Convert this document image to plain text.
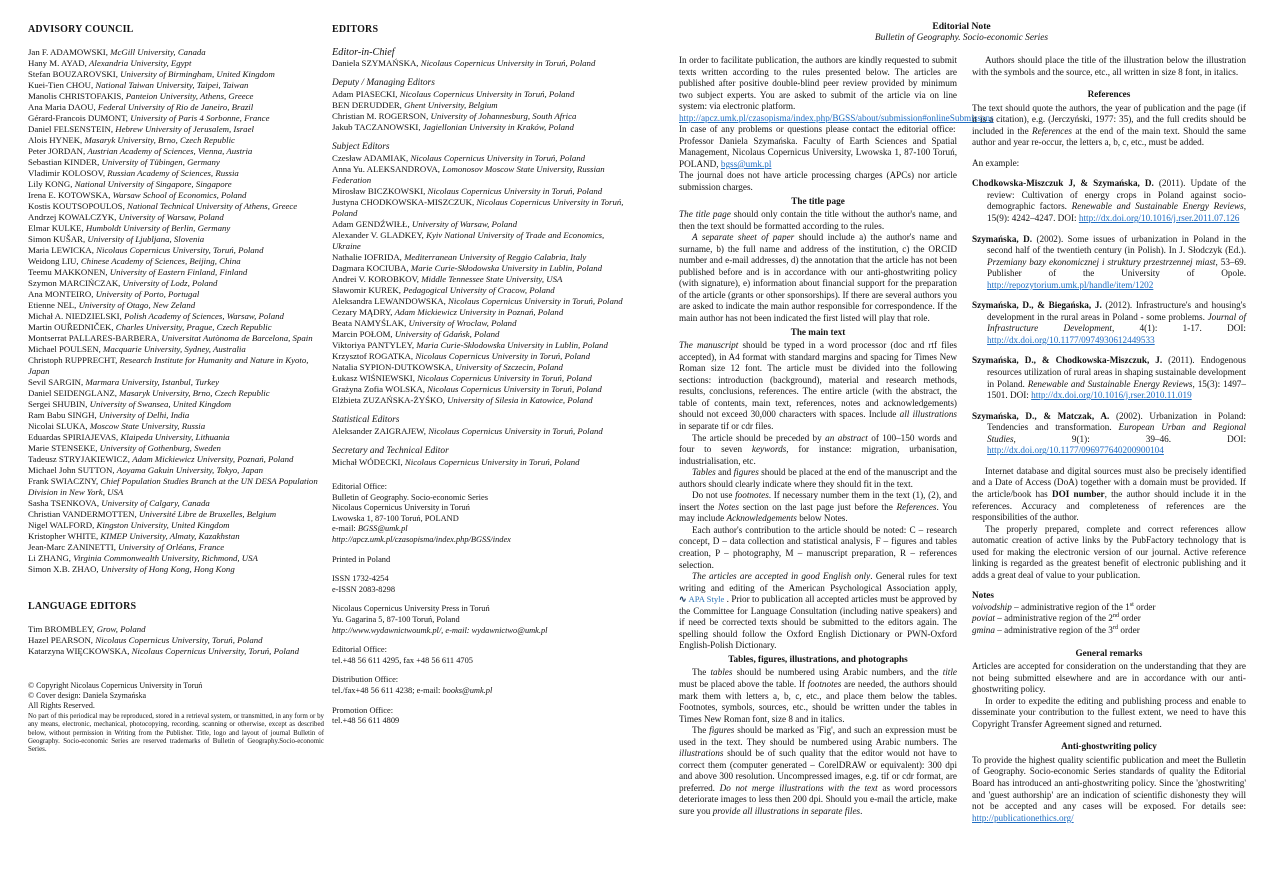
ADVISORY COUNCIL
Jan F. ADAMOWSKI, McGill University, Canada
Hany M. AYAD, Alexandria University, Egypt
Stefan BOUZAROVSKI, University of Birmingham, United Kingdom
Kuei-Tien CHOU, National Taiwan University, Taipei, Taiwan
Manolis CHRISTOFAKIS, Panteion University, Athens, Greece
Ana Maria DAOU, Federal University of Rio de Janeiro, Brazil
Gérard-Francois DUMONT, University of Paris 4 Sorbonne, France
Daniel FELSENSTEIN, Hebrew University of Jerusalem, Israel
Alois HYNEK, Masaryk University, Brno, Czech Republic
Peter JORDAN, Austrian Academy of Sciences, Vienna, Austria
Sebastian KINDER, University of Tübingen, Germany
Vladimir KOLOSOV, Russian Academy of Sciences, Russia
Lily KONG, National University of Singapore, Singapore
Irena E. KOTOWSKA, Warsaw School of Economics, Poland
Kostis KOUTSOPOULOS, National Technical University of Athens, Greece
Andrzej KOWALCZYK, University of Warsaw, Poland
Elmar KULKE, Humboldt University of Berlin, Germany
Simon KUŠAR, University of Ljubljana, Slovenia
Maria LEWICKA, Nicolaus Copernicus University, Toruń, Poland
Weidong LIU, Chinese Academy of Sciences, Beijing, China
Teemu MAKKONEN, University of Eastern Finland, Finland
Szymon MARCIŃCZAK, University of Lodz, Poland
Ana MONTEIRO, University of Porto, Portugal
Etienne NEL, University of Otago, New Zeland
Michał A. NIEDZIELSKI, Polish Academy of Sciences, Warsaw, Poland
Martin OUŘEDNIČEK, Charles University, Prague, Czech Republic
Montserrat PALLARES-BARBERA, Universitat Autònoma de Barcelona, Spain
Michael POULSEN, Macquarie University, Sydney, Australia
Christoph RUPPRECHT, Research Institute for Humanity and Nature in Kyoto, Japan
Sevil SARGIN, Marmara University, Istanbul, Turkey
Daniel SEIDENGLANZ, Masaryk University, Brno, Czech Republic
Sergei SHUBIN, University of Swansea, United Kingdom
Ram Babu SINGH, University of Delhi, India
Nicolai SLUKA, Moscow State University, Russia
Eduardas SPIRIAJEVAS, Klaipeda University, Lithuania
Marie STENSEKE, University of Gothenburg, Sweden
Tadeusz STRYJAKIEWICZ, Adam Mickiewicz University, Poznań, Poland
Michael John SUTTON, Aoyama Gakuin University, Tokyo, Japan
Frank SWIACZNY, Chief Population Studies Branch at the UN DESA Population Division in New York, USA
Sasha TSENKOVA, University of Calgary, Canada
Christian VANDERMOTTEN, Université Libre de Bruxelles, Belgium
Nigel WALFORD, Kingston University, United Kingdom
Kristopher WHITE, KIMEP University, Almaty, Kazakhstan
Jean-Marc ZANINETTI, University of Orléans, France
Li ZHANG, Virginia Commonwealth University, Richmond, USA
Simon X.B. ZHAO, University of Hong Kong, Hong Kong
LANGUAGE EDITORS
Tim BROMBLEY, Grow, Poland
Hazel PEARSON, Nicolaus Copernicus University, Toruń, Poland
Katarzyna WIĘCKOWSKA, Nicolaus Copernicus University, Toruń, Poland
© Copyright Nicolaus Copernicus University in Toruń
© Cover design: Daniela Szymańska
All Rights Reserved.
No part of this periodical may be reproduced, stored in a retrieval system, or transmitted, in any form or by any means, electronic, mechanical, photocopying, recording, scanning or otherwise, except as described below, without permission in Writing from the Publisher. Title, logo and layout of journal Bulletin of Geography. Socio-economic Series are reserved trademarks of Bulletin of Geography.Socio-economic Series.
EDITORS
Editor-in-Chief
Daniela SZYMAŃSKA, Nicolaus Copernicus University in Toruń, Poland
Deputy / Managing Editors
Adam PIASECKI, Nicolaus Copernicus University in Toruń, Poland
BEN DERUDDER, Ghent University, Belgium
Christian M. ROGERSON, University of Johannesburg, South Africa
Jakub TACZANOWSKI, Jagiellonian University in Kraków, Poland
Subject Editors
Czesław ADAMIAK, Nicolaus Copernicus University in Toruń, Poland
Anna Yu. ALEKSANDROVA, Lomonosov Moscow State University, Russian Federation
Mirosław BICZKOWSKI, Nicolaus Copernicus University in Toruń, Poland
Justyna CHODKOWSKA-MISZCZUK, Nicolaus Copernicus University in Toruń, Poland
Adam GENDŹWIŁŁ, University of Warsaw, Poland
Alexander V. GLADKEY, Kyiv National University of Trade and Economics, Ukraine
Nathalie IOFRIDA, Mediterranean University of Reggio Calabria, Italy
Dagmara KOCIUBA, Marie Curie-Skłodowska University in Lublin, Poland
Andrei V. KOROBKOV, Middle Tennessee State University, USA
Sławomir KUREK, Pedagogical University of Cracow, Poland
Aleksandra LEWANDOWSKA, Nicolaus Copernicus University in Toruń, Poland
Cezary MĄDRY, Adam Mickiewicz University in Poznań, Poland
Beata NAMYŚLAK, University of Wroclaw, Poland
Marcin POŁOM, University of Gdańsk, Poland
Viktoriya PANTYLEY, Maria Curie-Skłodowska University in Lublin, Poland
Krzysztof ROGATKA, Nicolaus Copernicus University in Toruń, Poland
Natalia SYPION-DUTKOWSKA, University of Szczecin, Poland
Łukasz WIŚNIEWSKI, Nicolaus Copernicus University in Toruń, Poland
Grażyna Zofia WOLSKA, Nicolaus Copernicus University in Toruń, Poland
Elżbieta ZUZAŃSKA-ŻYŚKO, University of Silesia in Katowice, Poland
Statistical Editors
Aleksander ZAIGRAJEW, Nicolaus Copernicus University in Toruń, Poland
Secretary and Technical Editor
Michał WÓDECKI, Nicolaus Copernicus University in Toruń, Poland
Editorial Office:
Bulletin of Geography. Socio-economic Series
Nicolaus Copernicus University in Toruń
Lwowska 1, 87-100 Toruń, POLAND
e-mail: BGSS@umk.pl
http://apcz.umk.pl/czasopisma/index.php/BGSS/index
Printed in Poland
ISSN 1732-4254
e-ISSN 2083-8298
Nicolaus Copernicus University Press in Toruń
Yu. Gagarina 5, 87-100 Toruń, Poland
http://www.wydawnictwoumk.pl/, e-mail: wydawnictwo@umk.pl
Editorial Office:
tel.+48 56 611 4295, fax +48 56 611 4705
Distribution Office:
tel./fax+48 56 611 4238; e-mail: books@umk.pl
Promotion Office:
tel.+48 56 611 4809
Editorial Note
Bulletin of Geography. Socio-economic Series

In order to facilitate publication, the authors are kindly requested to submit texts written according to the rules presented below. The articles are published after positive double-blind peer review provided by minimum two subject experts. You are asked to submit of the article via on line system: via electronic platform.

http://apcz.umk.pl/czasopisma/index.php/BGSS/about/submission#onlineSubmissons In case of any problems or questions please contact the editorial office: Professor Daniela Szymańska. Faculty of Earth Sciences and Spatial Management, Nicolaus Copernicus University, Lwowska 1, 87-100 Toruń, POLAND, bgss@umk.pl

The journal does not have article processing charges (APCs) nor article submission charges.

The title page

The title page should only contain the title without the author's name, and then the text should be formatted according to the rules.

A separate sheet of paper should include a) the author's name and surname, b) the full name and address of the institution, c) the ORCID number and e-mail addresses, d) the annotation that the article has not been published before and is in accordance with our anti-ghostwriting policy (with signature), e) information about financial support for the preparation of the article (grants or other sponsorships). If there are several authors you are asked to indicate the main author responsible for correspondence. If the main author has not been indicated the first listed will play that role.

The main text

The manuscript should be typed in a word processor (doc and rtf files accepted), in A4 format with standard margins and spacing for Times New Roman size 12 font. The article must be divided into the following sections: introduction (background), material and research methods, results, conclusions, references. The entire article (with the abstract, the table of contents, main text, references, notes and acknowledgements) should not exceed 30,000 characters with spaces. Include all illustrations in separate tif or cdr files.

The article should be preceded by an abstract of 100–150 words and four to seven keywords, for instance: migration, urbanisation, industrialisation, etc.

Tables and figures should be placed at the end of the manuscript and the authors should clearly indicate where they should fit in the text.

Do not use footnotes. If necessary number them in the text (1), (2), and insert the Notes section on the last page just before the References. You may include Acknowledgements below Notes.

Each author's contribution to the article should be noted: C – research concept, D – data collection and statistical analysis, F – figures and tables creation, P – photography, M – manuscript preparation, R – references selection.

The articles are accepted in good English only. General rules for text writing and editing of the American Psychological Association apply, ∿ APA Style . Prior to publication all accepted articles must be approved by the Committee for Language Consultation (including native speakers) and if need be corrected texts should be submitted to the editors again. The spelling should follow the Oxford English Dictionary or PWN-Oxford English-Polish Dictionary.

Tables, figures, illustrations, and photographs

The tables should be numbered using Arabic numbers, and the title must be placed above the table. If footnotes are needed, the authors should mark them with letters a, b, c, etc., and place them below the tables. Footnotes, symbols, sources, etc., should be written under the tables in Times New Roman font, size 8 and in italics.

The figures should be marked as 'Fig', and such an expression must be used in the text. They should be numbered using Arabic numbers. The illustrations should be of such quality that the editor would not have to correct them (computer generated – CorelDRAW or equivalent): 300 dpi and above 300 resolution. Uncompressed images, e.g. tif or cdr format, are preferred. Do not merge illustrations with the text as word processors deteriorate images to less then 200 dpi. Should you e-mail the article, make sure you provide all illustrations in separate files.

Authors should place the title of the illustration below the illustration with the symbols and the source, etc., all written in size 8 font, in italics.

References

The text should quote the authors, the year of publication and the page (if it is a citation), e.g. (Jerczyński, 1977: 35), and the full credits should be included in the References at the end of the main text. Should the same author and year re-occur, the letters a, b, c, etc., must be added.

An example:

Chodkowska-Miszczuk J, & Szymańska, D. (2011). Update of the review: Cultivation of energy crops in Poland against socio-demographic factors. Renewable and Sustainable Energy Reviews, 15(9): 4242–4247. DOI: http://dx.doi.org/10.1016/j.rser.2011.07.126

Szymańska, D. (2002). Some issues of urbanization in Poland in the second half of the twentieth century (in Polish). In J. Słodczyk (Ed.). Przemiany bazy ekonomicznej i struktury przestrzennej miast, 53–69. Publisher of the University of Opole. http://repozytorium.umk.pl/handle/item/1202

Szymańska, D., & Biegańska, J. (2012). Infrastructure's and housing's development in the rural areas in Poland - some problems. Journal of Infrastructure Development, 4(1): 1-17. DOI: http://dx.doi.org/10.1177/0974930612449533

Szymańska, D., & Chodkowska-Miszczuk, J. (2011). Endogenous resources utilization of rural areas in shaping sustainable development in Poland. Renewable and Sustainable Energy Reviews, 15(3): 1497–1501. DOI: http://dx.doi.org/10.1016/j.rser.2010.11.019

Szymańska, D., & Matczak, A. (2002). Urbanization in Poland: Tendencies and transformation. European Urban and Regional Studies, 9(1): 39–46. DOI: http://dx.doi.org/10.1177/096977640200900104

Internet database and digital sources must also be precisely identified and a Date of Access (DoA) together with a domain must be provided. If the article/book has DOI number, the author should include it in the references. Accuracy and completeness of references are the responsibilities of the author.

The properly prepared, complete and correct references allow automatic creation of active links by the PubFactory technology that is used for making the electronic version of our journal. Active reference linking is regarded as the greatest benefit of electronic publishing and it adds a great deal of value to your publication.

Notes

voivodship – administrative region of the 1st order

poviat – administrative region of the 2nd order

gmina – administrative region of the 3rd order

General remarks

Articles are accepted for consideration on the understanding that they are not being submitted elsewhere and are in accordance with our anti-ghostwriting policy.

In order to expedite the editing and publishing process and enable to disseminate your contribution to the fullest extent, we need to have this Copyright Transfer Agreement signed and returned.

Anti-ghostwriting policy

To provide the highest quality scientific publication and meet the Bulletin of Geography. Socio-economic Series standards of quality the Editorial Board has introduced an anti-ghostwriting policy. Since the 'ghostwriting' and 'guest authorship' are an indication of scientific dishonesty they will not be accepted and any cases will be exposed. For details see: http://publicationethics.org/
